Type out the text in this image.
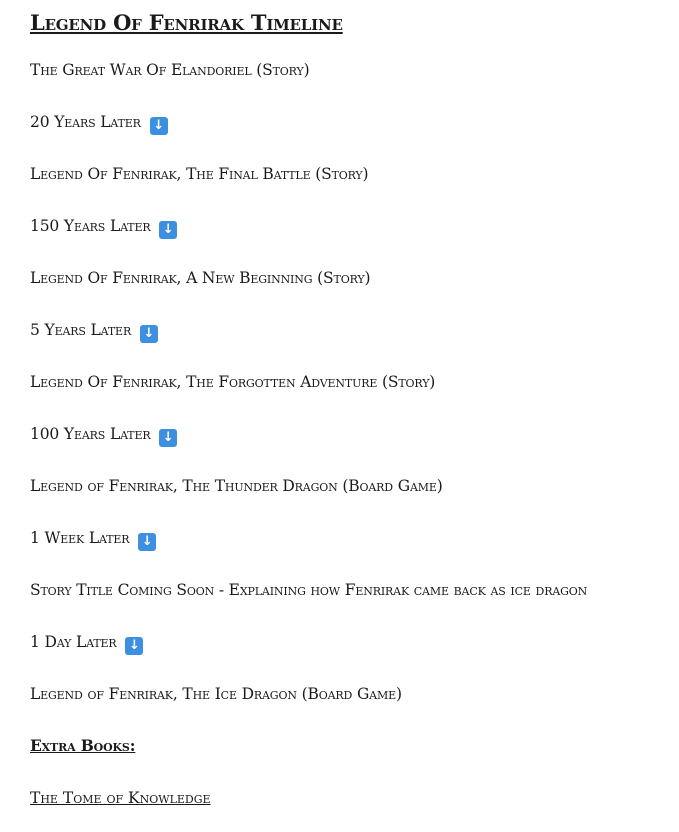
Legend Of Fenrirak Timeline
The Great War Of Elandoriel (Story)
20 Years Later ↓
Legend Of Fenrirak, The Final Battle (Story)
150 Years Later ↓
Legend Of Fenrirak, A New Beginning (Story)
5 Years Later ↓
Legend Of Fenrirak, The Forgotten Adventure (Story)
100 Years Later ↓
Legend of Fenrirak, The Thunder Dragon (Board Game)
1 Week Later ↓
Story Title Coming Soon - Explaining how Fenrirak came back as ice dragon
1 Day Later ↓
Legend of Fenrirak, The Ice Dragon (Board Game)
Extra Books:
The Tome of Knowledge
